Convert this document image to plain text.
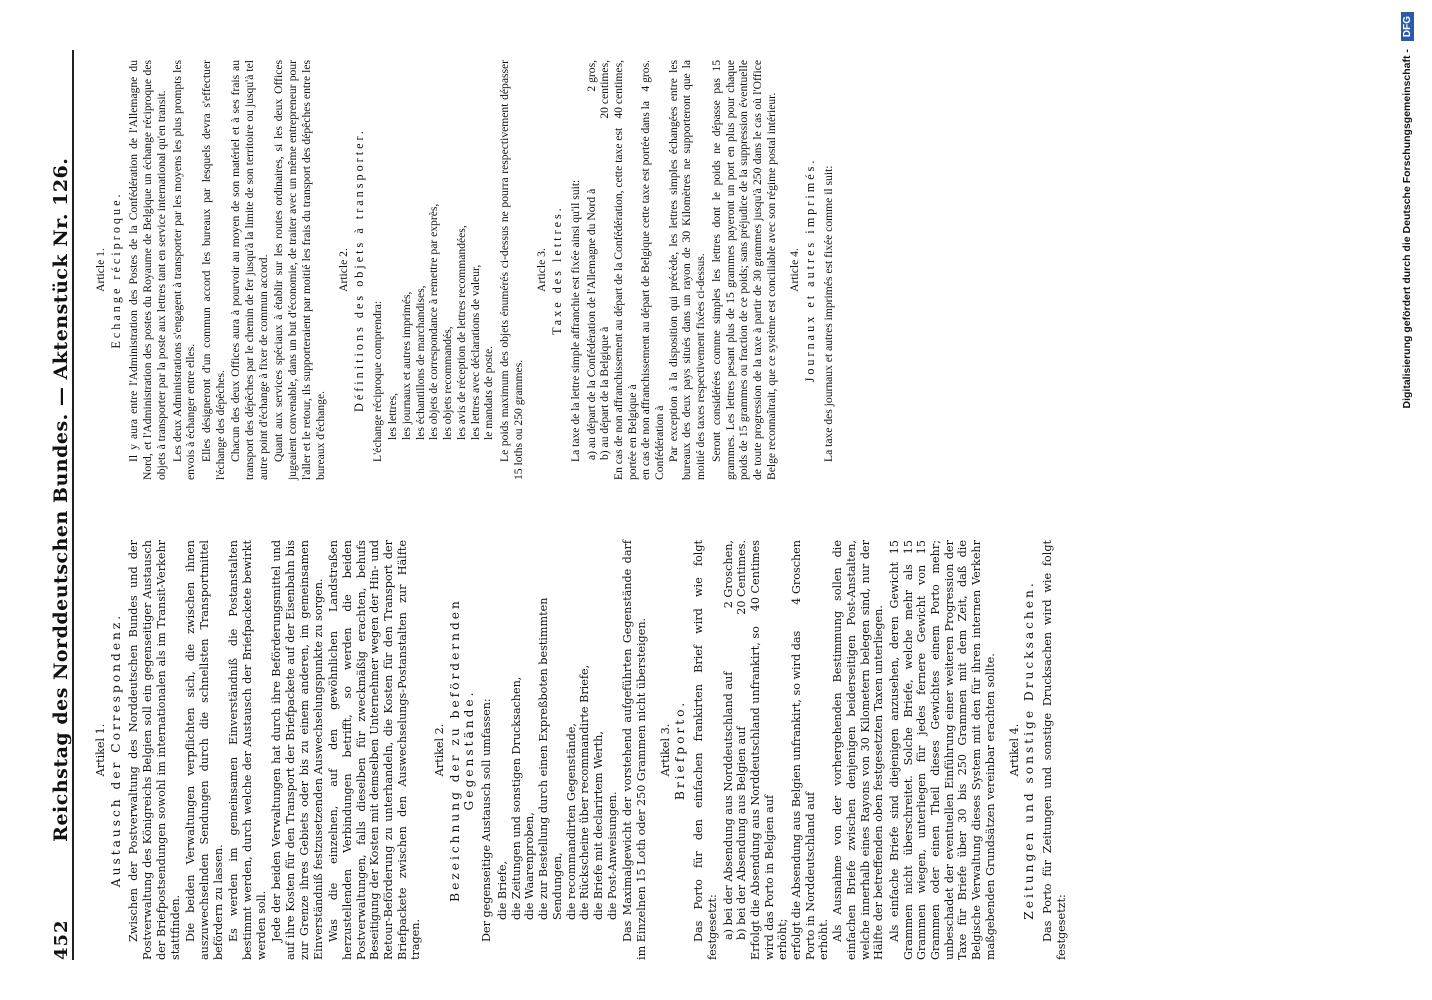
452
Reichstag des Norddeutschen Bundes. — Aktenstück Nr. 126. Artikel 1. Austausch der Correspondenz. Zwischen der Postverwaltung des Norddeutschen Bundes und der Postverwaltung des Königreichs Belgien soll ein gegenseitiger Austausch der Briefpostsendungen sowohl im internationalen als im Transit-Verkehr stattfinden. Die beiden Verwaltungen verpflichten sich, die zwischen ihnen auszuwechselnden Sendungen durch die schnellsten Transportmittel befördern zu lassen. Es werden im gemeinsamen Einverständniß die Postanstalten bestimmt werden, durch welche der Austausch der Briefpackete bewirkt werden soll. Jede der beiden Verwaltungen hat durch ihre Beförderungsmittel und auf ihre Kosten für den Transport der Briefpackete auf der Eisenbahn bis zur Grenze ihres Gebiets oder bis zu einem anderen, im gemeinsamen Einverständniß festzusetzenden Auswechselungspunkte zu sorgen. Was die einzelnen, auf den gewöhnlichen Landstraßen herzustellenden Verbindungen betrifft, so werden die beiden Postverwaltungen, falls dieselben für zweckmäßig erachten, behufs Beseitigung der Kosten mit demselben Unternehmer wegen der Hin- und Retour-Beförderung zu unterhandeln, die Kosten für den Transport der Briefpackete zwischen den Auswechselungs-Postanstalten zur Hälfte tragen.

Artikel 2. Bezeichnung der zu befördernden Gegenstände. Der gegenseitige Austausch soll umfassen: die Briefe, die Zeitungen und sonstigen Drucksachen, die Waarenproben, die zur Bestellung durch einen Expreßboten bestimmten Sendungen, die recommandirten Gegenstände, die Rückscheine über recommandirte Briefe, die Briefe mit declarirtem Werth, die Post-Anweisungen. Das Maximalgewicht der vorstehend aufgeführten Gegenstände darf im Einzelnen 15 Loth oder 250 Grammen nicht übersteigen. Artikel 3. Briefporto. Das Porto für den einfachen frankirten Brief wird wie folgt festgesetzt: a) bei der Absendung aus Norddeutschland auf
2 Groschen,
b) bei der Absendung aus Belgien auf
20 Centimes.
Erfolgt die Absendung aus Norddeutschland unfrankirt, so wird das Porto in Belgien auf
40 Centimes
erhöht; erfolgt die Absendung aus Belgien unfrankirt, so wird das Porto in Norddeutschland auf
4 Groschen
erhöht. Als Ausnahme von der vorhergehenden Bestimmung sollen die einfachen Briefe zwischen denjenigen beiderseitigen Post-Anstalten, welche innerhalb eines Rayons von 30 Kilometern belegen sind, nur der Hälfte der betreffenden oben festgesetzten Taxen unterliegen. Als einfache Briefe sind diejenigen anzusehen, deren Gewicht 15 Grammen nicht überschreitet. Solche Briefe, welche mehr als 15 Grammen wiegen, unterliegen für jedes fernere Gewicht von 15 Grammen oder einen Theil dieses Gewichtes einem Porto mehr; unbeschadet der eventuellen Einführung einer weiteren Progression der Taxe für Briefe über 30 bis 250 Grammen mit dem Zeit, daß die Belgische Verwaltung dieses System mit den für ihren internen Verkehr maßgebenden Grundsätzen vereinbar erachten sollte. Artikel 4. Zeitungen und sonstige Drucksachen. Das Porto für Zeitungen und sonstige Drucksachen wird wie folgt festgesetzt:

Article 1. Echange réciproque. Il y aura entre l'Administration des Postes de la Confédération de l'Allemagne du Nord, et l'Administration des postes du Royaume de Belgique un échange réciproque des objets à transporter par la poste aux lettres tant en service international qu'en transit. Les deux Administrations s'engagent à transporter par les moyens les plus prompts les envois à échanger entre elles. Elles désigneront d'un commun accord les bureaux par lesquels devra s'effectuer l'échange des dépêches. Chacun des deux Offices aura à pourvoir au moyen de son matériel et à ses frais au transport des dépêches par le chemin de fer jusqu'à la limite de son territoire ou jusqu'à tel autre point d'échange à fixer de commun accord. Quant aux services spéciaux à établir sur les routes ordinaires, si les deux Offices jugeaient convenable, dans un but d'économie, de traiter avec un même entrepreneur pour l'aller et le retour, ils supporteraient par moitié les frais du transport des dépêches entre les bureaux d'échange.

Article 2. Définitions des objets à transporter. L'échange réciproque comprendra: les lettres, les journaux et autres imprimés, les échantillons de marchandises, les objets de correspondance à remettre par exprès, les objets recommandés, les avis de réception de lettres recommandées, les lettres avec déclarations de valeur, le mandats de poste. Le poids maximum des objets énumérés ci-dessus ne pourra respectivement dépasser 15 loths ou 250 grammes.

Article 3. Taxe des lettres. La taxe de la lettre simple affranchie est fixée ainsi qu'il suit: a) au départ de la Confédération de l'Allemagne du Nord à
2 gros,
b) au départ de la Belgique à
20 centimes,
En cas de non affranchissement au départ de la Confédération, cette taxe est portée en Belgique à
40 centimes,
en cas de non affranchissement au départ de Belgique cette taxe est portée dans la Confédération à
4 gros.	Par exception à la disposition qui précède, les lettres simples échangées entre les bureaux des deux pays situés dans un rayon de 30 Kilomètres ne supporteront que la moitié des taxes respectivement fixées ci-dessus. Seront considérées comme simples les lettres dont le poids ne dépasse pas 15 grammes. Les lettres pesant plus de 15 grammes payeront un port en plus pour chaque poids de 15 grammes ou fraction de ce poids; sans préjudice de la suppression éventuelle de toute progression de la taxe à partir de 30 grammes jusqu'à 250 dans le cas où l'Office Belge reconnaîtrait, que ce système est conciliable avec son régime postal intérieur. Article 4. Journaux et autres imprimés. La taxe des journaux et autres imprimés est fixée comme il suit:	Digitalisierung gefördert durch die Deutsche Forschungsgemeinschaft -
DFG
